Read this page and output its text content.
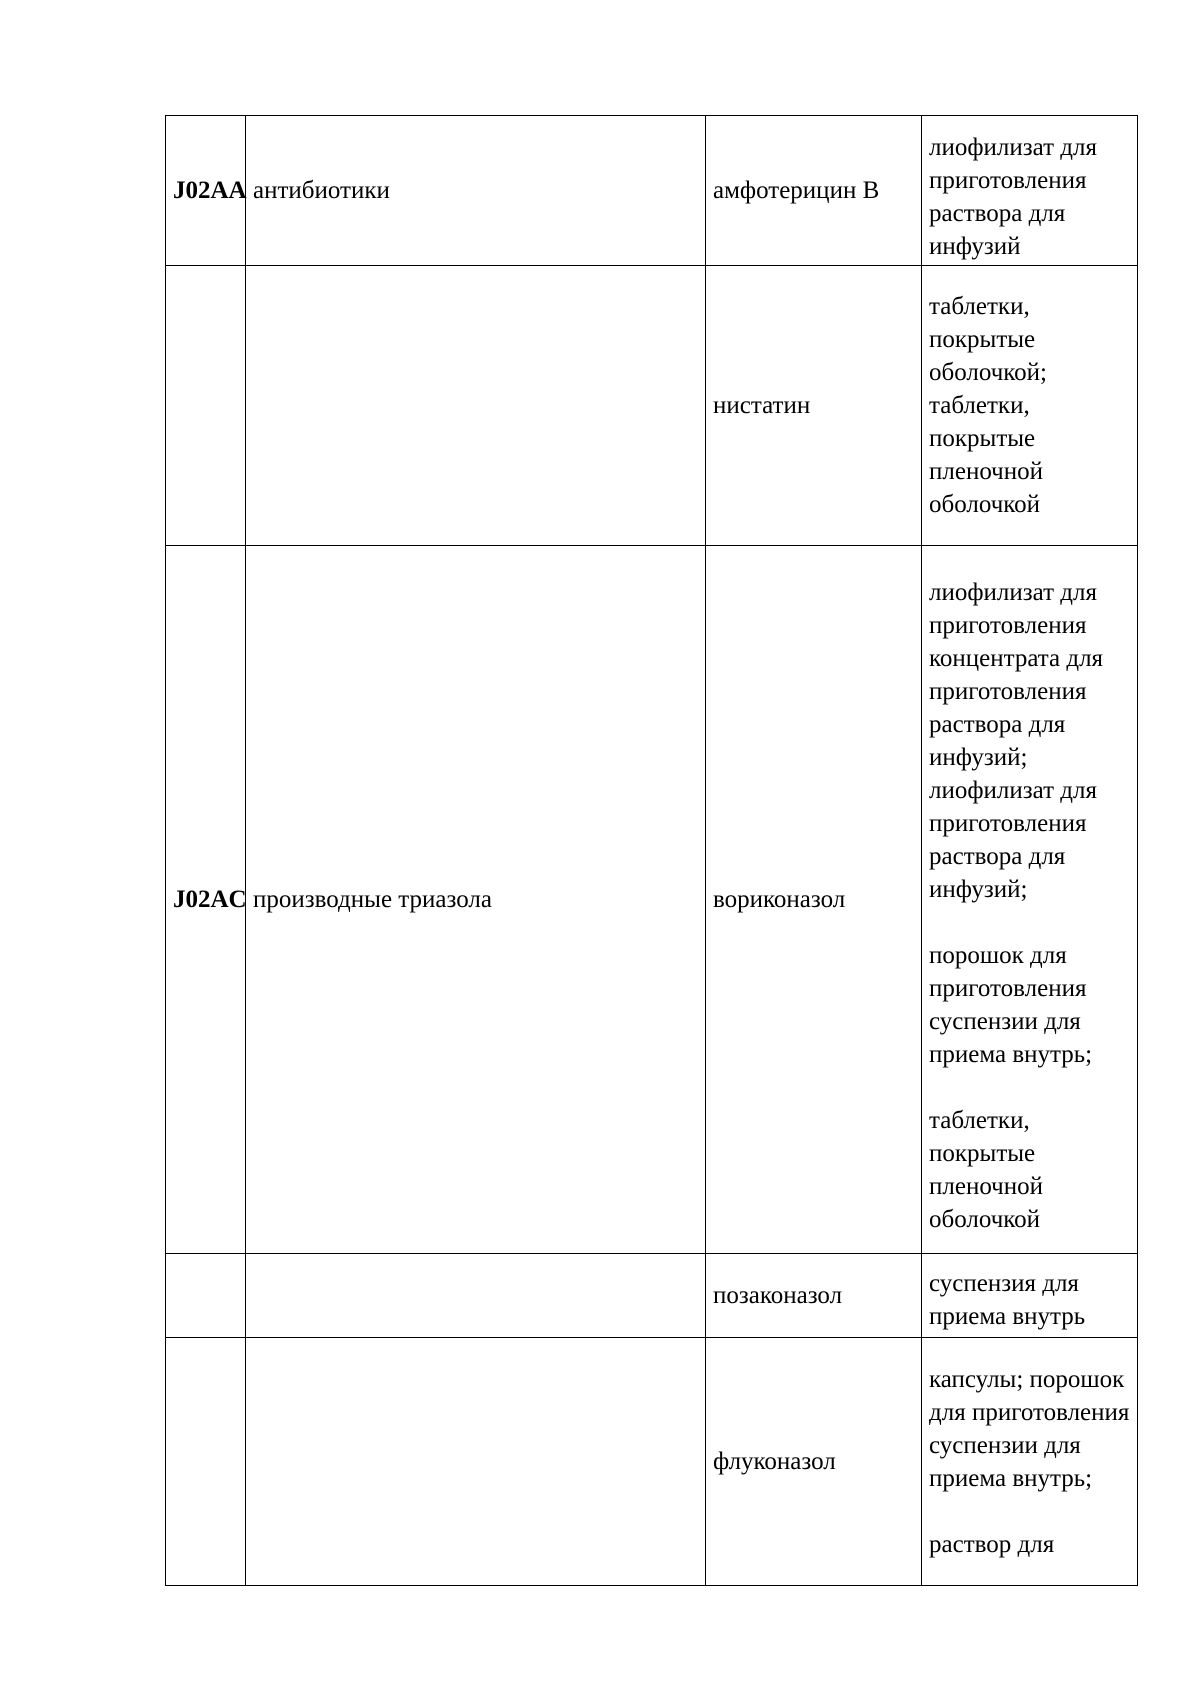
J02AA	антибиотики	амфотерицин B	лиофилизат для приготовления раствора для инфузий

		нистатин	таблетки, покрытые оболочкой; таблетки, покрытые пленочной оболочкой

J02AC	производные триазола	вориконазол	лиофилизат для приготовления концентрата для приготовления раствора для инфузий; лиофилизат для приготовления раствора для инфузий;
порошок для приготовления суспензии для приема внутрь;
таблетки, покрытые пленочной оболочкой

		позаконазол	суспензия для приема внутрь

		флуконазол	капсулы; порошок для приготовления суспензии для приема внутрь;
раствор для
